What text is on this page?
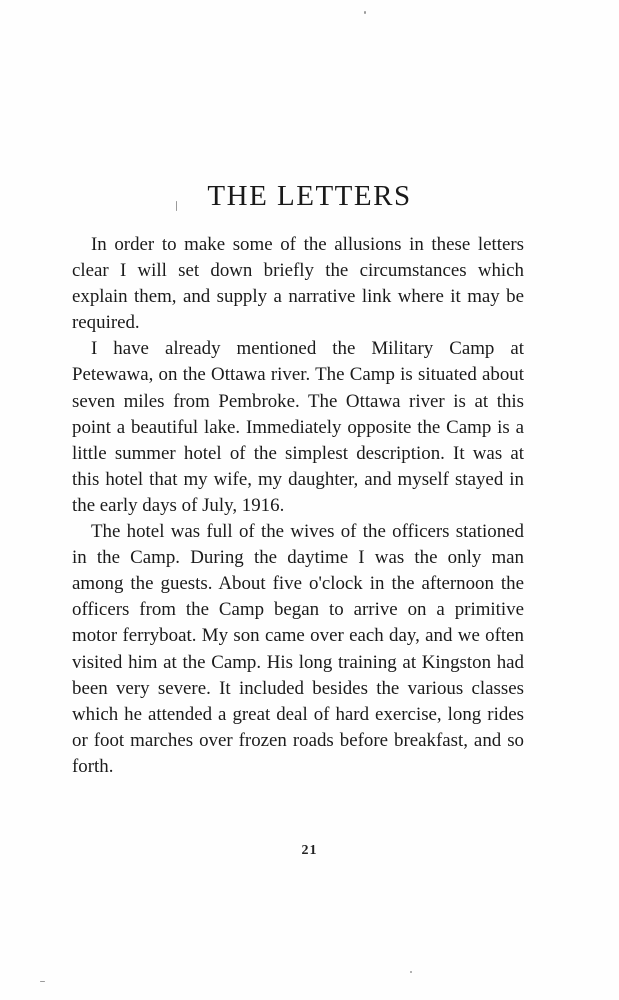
THE LETTERS

In order to make some of the allusions in these letters clear I will set down briefly the circumstances which explain them, and supply a narrative link where it may be required.

I have already mentioned the Military Camp at Petewawa, on the Ottawa river. The Camp is situated about seven miles from Pembroke. The Ottawa river is at this point a beautiful lake. Immediately opposite the Camp is a little summer hotel of the simplest description. It was at this hotel that my wife, my daughter, and myself stayed in the early days of July, 1916.

The hotel was full of the wives of the officers stationed in the Camp. During the daytime I was the only man among the guests. About five o'clock in the afternoon the officers from the Camp began to arrive on a primitive motor ferryboat. My son came over each day, and we often visited him at the Camp. His long training at Kingston had been very severe. It included besides the various classes which he attended a great deal of hard exercise, long rides or foot marches over frozen roads before breakfast, and so forth.

21
